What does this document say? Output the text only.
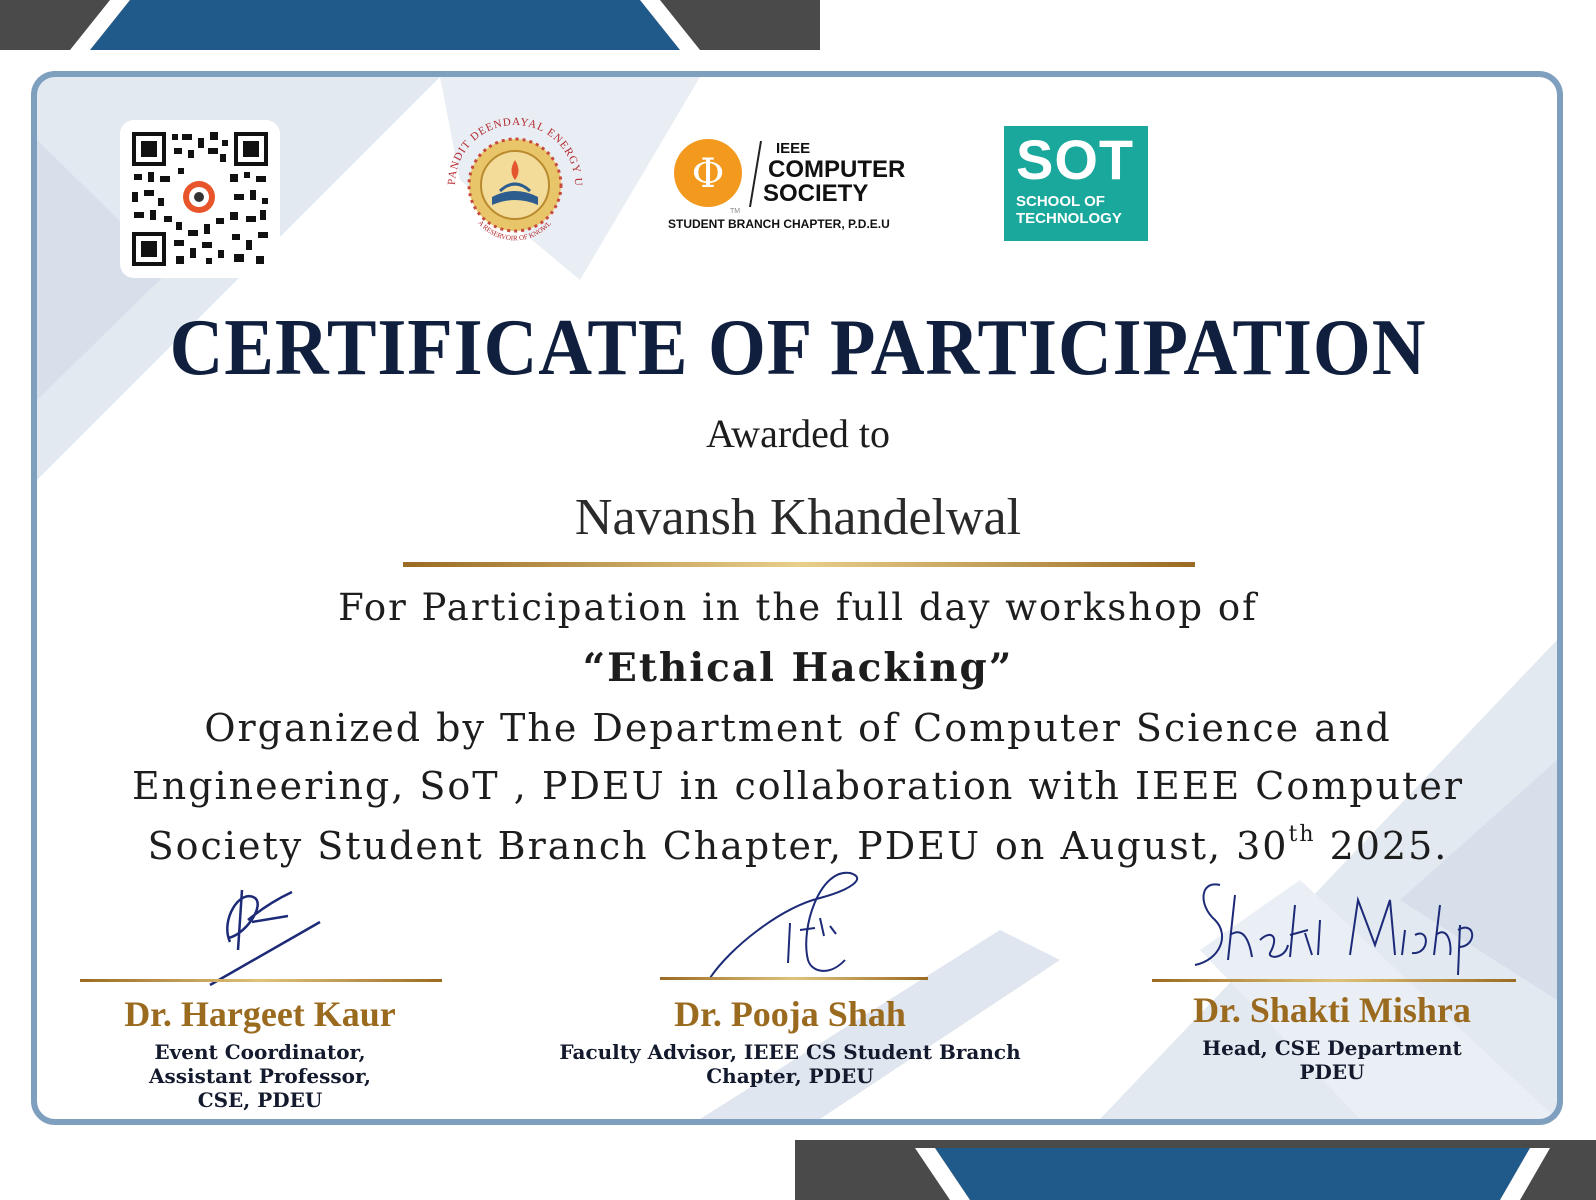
PANDIT DEENDAYAL ENERGY U
A RESERVOIR OF KNOWL
Φ
TM
IEEE
COMPUTER
SOCIETY
STUDENT BRANCH CHAPTER, P.D.E.U
SOT
SCHOOL OF
TECHNOLOGY
CERTIFICATE OF PARTICIPATION
Awarded to
Navansh Khandelwal
For Participation in the full day workshop of
“Ethical Hacking”
Organized by The Department of Computer Science and
Engineering, SoT , PDEU in collaboration with IEEE Computer
Society Student Branch Chapter, PDEU on August, 30th 2025.
Dr. Hargeet Kaur
Event Coordinator,
Assistant Professor,
CSE, PDEU
Dr. Pooja Shah
Faculty Advisor, IEEE CS Student Branch
Chapter, PDEU
Dr. Shakti Mishra
Head, CSE Department
PDEU
